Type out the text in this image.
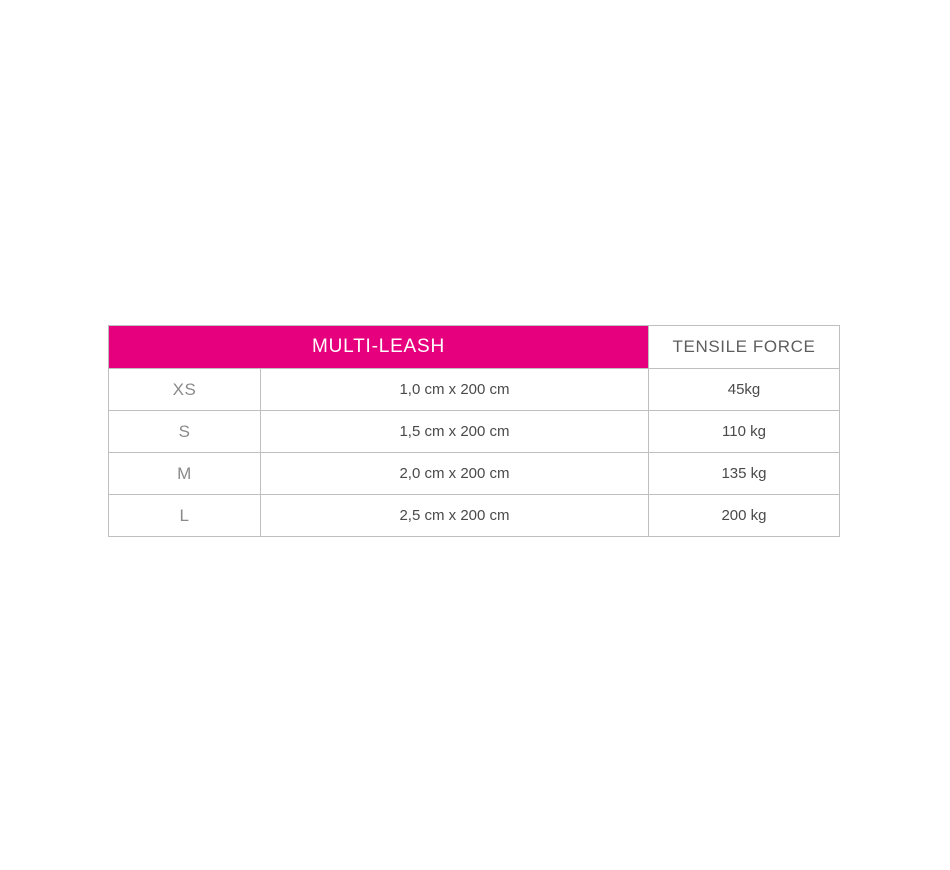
MULTI-LEASH		TENSILE FORCE
XS	1,0 cm x 200 cm	45kg
S	1,5 cm x 200 cm	110 kg
M	2,0 cm x 200 cm	135 kg
L	2,5 cm x 200 cm	200 kg
